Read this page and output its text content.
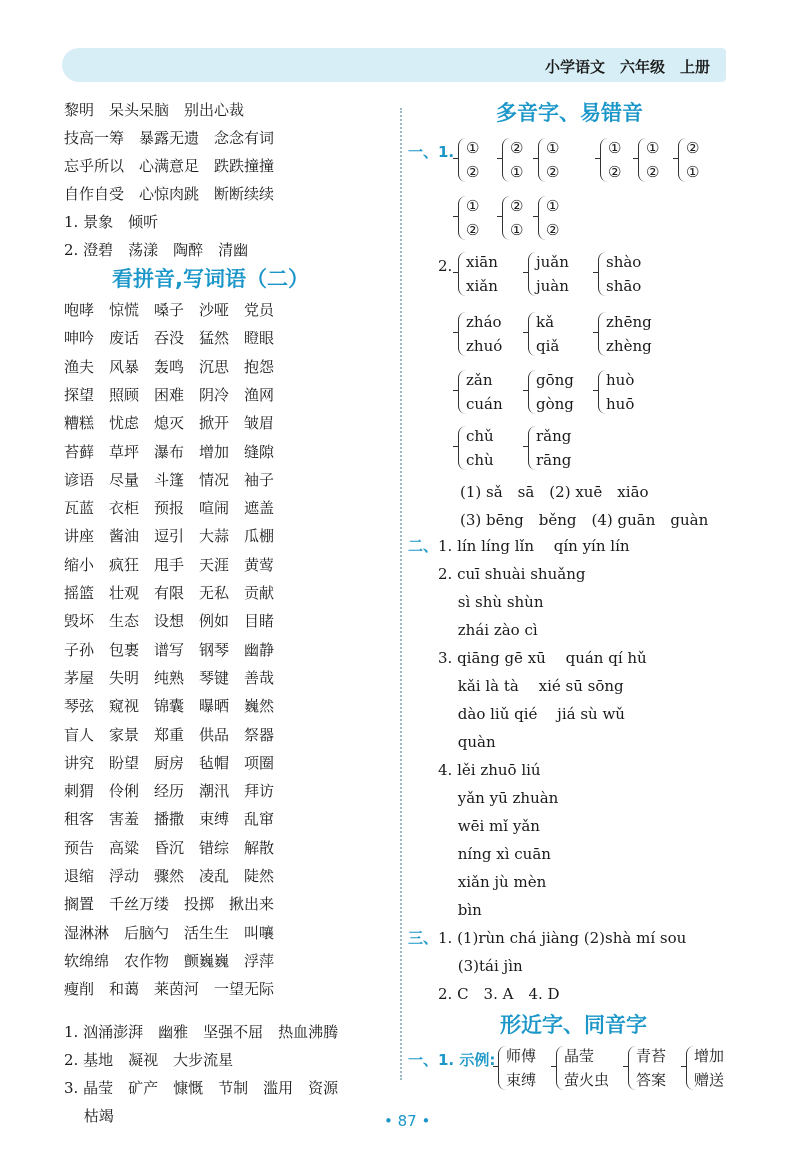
小学语文　六年级　上册
黎明　呆头呆脑　别出心裁
技高一筹　暴露无遗　念念有词
忘乎所以　心满意足　跌跌撞撞
自作自受　心惊肉跳　断断续续
1. 景象　倾听
2. 澄碧　荡漾　陶醉　清幽
看拼音,写词语（二）
咆哮　惊慌　嗓子　沙哑　党员
呻吟　废话　吞没　猛然　瞪眼
渔夫　风暴　轰鸣　沉思　抱怨
探望　照顾　困难　阴冷　渔网
糟糕　忧虑　熄灭　掀开　皱眉
苔藓　草坪　瀑布　增加　缝隙
谚语　尽量　斗篷　情况　袖子
瓦蓝　衣柜　预报　喧闹　遮盖
讲座　酱油　逗引　大蒜　瓜棚
缩小　疯狂　甩手　天涯　黄莺
摇篮　壮观　有限　无私　贡献
毁坏　生态　设想　例如　目睹
子孙　包裹　谱写　钢琴　幽静
茅屋　失明　纯熟　琴键　善哉
琴弦　窥视　锦囊　曝晒　巍然
盲人　家景　郑重　供品　祭器
讲究　盼望　厨房　毡帽　项圈
刺猬　伶俐　经历　潮汛　拜访
租客　害羞　播撒　束缚　乱窜
预告　高粱　昏沉　错综　解散
退缩　浮动　骤然　凌乱　陡然
搁置　千丝万缕　投掷　揪出来
湿淋淋　后脑勺　活生生　叫嚷
软绵绵　农作物　颤巍巍　浮萍
瘦削　和蔼　莱茵河　一望无际
1. 汹涌澎湃　幽雅　坚强不屈　热血沸腾
2. 基地　凝视　大步流星
3. 晶莹　矿产　慷慨　节制　滥用　资源
　 枯竭
多音字、易错音
一、1. ①
②
②
①
①
②
①
②
①
②
②
①
①
②
②
①
①
②
2. xiān
xiǎn
juǎn
juàn
shào
shāo
zháo
zhuó
kǎ
qiǎ
zhēng
zhèng
zǎn
cuán
gōng
gòng
huò
huō
chǔ
chù
rǎng
rāng
(1) sǎ　sā　(2) xuē　xiāo
(3) bēng　běng　(4) guān　guàn
二、 1. lín líng lǐn　 qín yín lín
2. cuī shuài shuǎng
　 sì shù shùn
　 zhái zào cì
3. qiāng gē xū　 quán qí hǔ
　 kǎi là tà　 xié sū sōng
　 dào liǔ qié　 jiá sù wǔ
　 quàn
4. lěi zhuō liú
　 yǎn yū zhuàn
　 wēi mǐ yǎn
　 níng xì cuān
　 xiǎn jù mèn
　 bìn
三、 1. (1)rùn chá jiàng (2)shà mí sou
　 (3)tái jìn
2. C　3. A　4. D
形近字、同音字
一、1. 示例: 师傅
束缚
晶莹
萤火虫
青苔
答案
增加
赠送
• 87 •
